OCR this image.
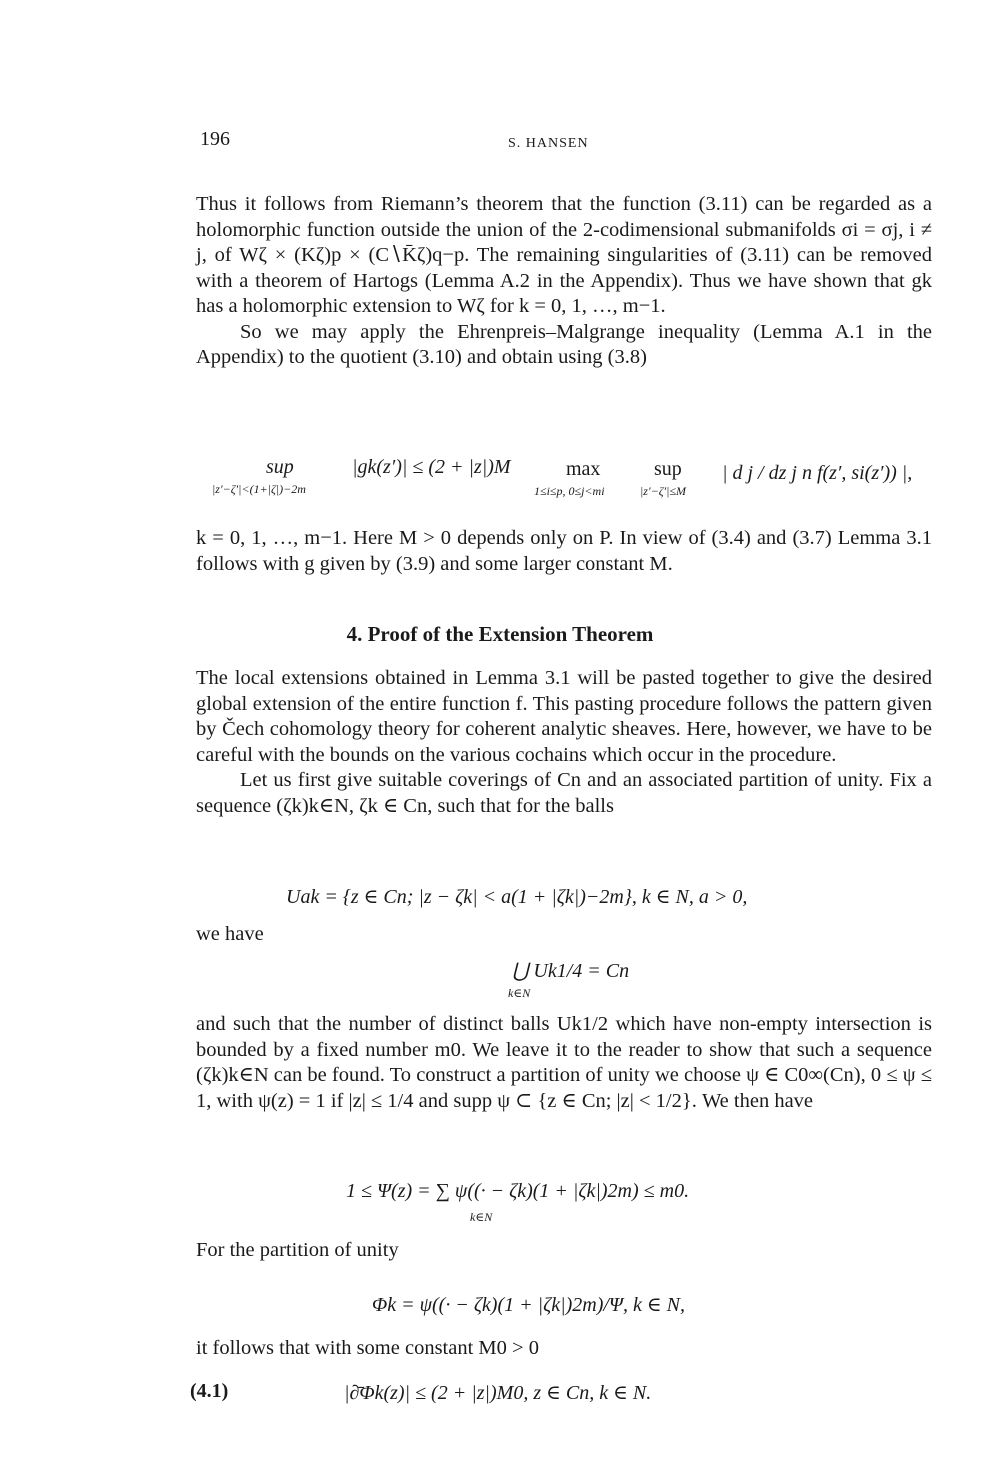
196	S. HANSEN

Thus it follows from Riemann’s theorem that the function (3.11) can be regarded as a holomorphic function outside the union of the 2-codimensional submanifolds σi = σj, i ≠ j, of Wζ × (Kζ)p × (C∖K̄ζ)q−p. The remaining singularities of (3.11) can be removed with a theorem of Hartogs (Lemma A.2 in the Appendix). Thus we have shown that gk has a holomorphic extension to Wζ for k = 0, 1, …, m−1.

So we may apply the Ehrenpreis–Malgrange inequality (Lemma A.1 in the Appendix) to the quotient (3.10) and obtain using (3.8)

sup
|z′−ζ′|<(1+|ζ|)−2m
|gk(z′)| ≤ (2 + |z|)M	max
1≤i≤p, 0≤j<mi
sup
|z′−ζ′|≤M
| d j / dz j n f(z′, si(z′)) |,

k = 0, 1, …, m−1. Here M > 0 depends only on P. In view of (3.4) and (3.7) Lemma 3.1 follows with g given by (3.9) and some larger constant M.

4. Proof of the Extension Theorem

The local extensions obtained in Lemma 3.1 will be pasted together to give the desired global extension of the entire function f. This pasting procedure follows the pattern given by Čech cohomology theory for coherent analytic sheaves. Here, however, we have to be careful with the bounds on the various cochains which occur in the procedure.

Let us first give suitable coverings of Cn and an associated partition of unity. Fix a sequence (ζk)k∈N, ζk ∈ Cn, such that for the balls

Uak = {z ∈ Cn; |z − ζk| < a(1 + |ζk|)−2m}, k ∈ N, a > 0,

we have

⋃ Uk1/4 = Cn
k∈N

and such that the number of distinct balls Uk1/2 which have non-empty intersection is bounded by a fixed number m0. We leave it to the reader to show that such a sequence (ζk)k∈N can be found. To construct a partition of unity we choose ψ ∈ C0∞(Cn), 0 ≤ ψ ≤ 1, with ψ(z) = 1 if |z| ≤ 1/4 and supp ψ ⊂ {z ∈ Cn; |z| < 1/2}. We then have

1 ≤ Ψ(z) = ∑ ψ((· − ζk)(1 + |ζk|)2m) ≤ m0.
k∈N

For the partition of unity

Φk = ψ((· − ζk)(1 + |ζk|)2m)/Ψ, k ∈ N,

it follows that with some constant M0 > 0

(4.1)	|∂̄Φk(z)| ≤ (2 + |z|)M0, z ∈ Cn, k ∈ N.
